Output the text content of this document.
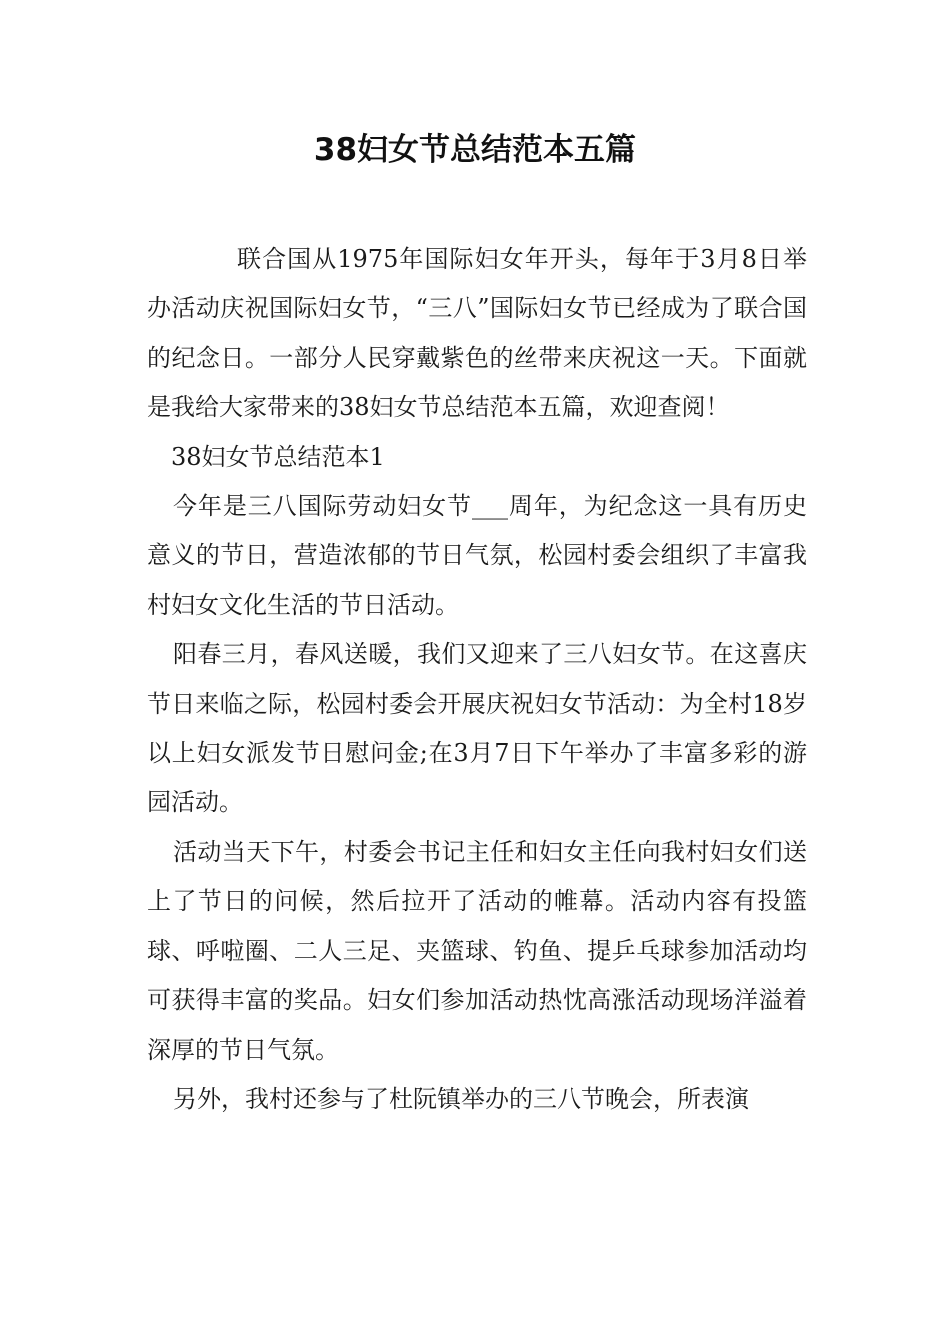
38妇女节总结范本五篇

联合国从1975年国际妇女年开头，每年于3月8日举办活动庆祝国际妇女节，“三八”国际妇女节已经成为了联合国的纪念日。一部分人民穿戴紫色的丝带来庆祝这一天。下面就是我给大家带来的38妇女节总结范本五篇，欢迎查阅！

38妇女节总结范本1

今年是三八国际劳动妇女节___周年，为纪念这一具有历史意义的节日，营造浓郁的节日气氛，松园村委会组织了丰富我村妇女文化生活的节日活动。

阳春三月，春风送暖，我们又迎来了三八妇女节。在这喜庆节日来临之际，松园村委会开展庆祝妇女节活动：为全村18岁以上妇女派发节日慰问金;在3月7日下午举办了丰富多彩的游园活动。

活动当天下午，村委会书记主任和妇女主任向我村妇女们送上了节日的问候，然后拉开了活动的帷幕。活动内容有投篮球、呼啦圈、二人三足、夹篮球、钓鱼、提乒乓球参加活动均可获得丰富的奖品。妇女们参加活动热忱高涨活动现场洋溢着深厚的节日气氛。

另外，我村还参与了杜阮镇举办的三八节晚会，所表演
